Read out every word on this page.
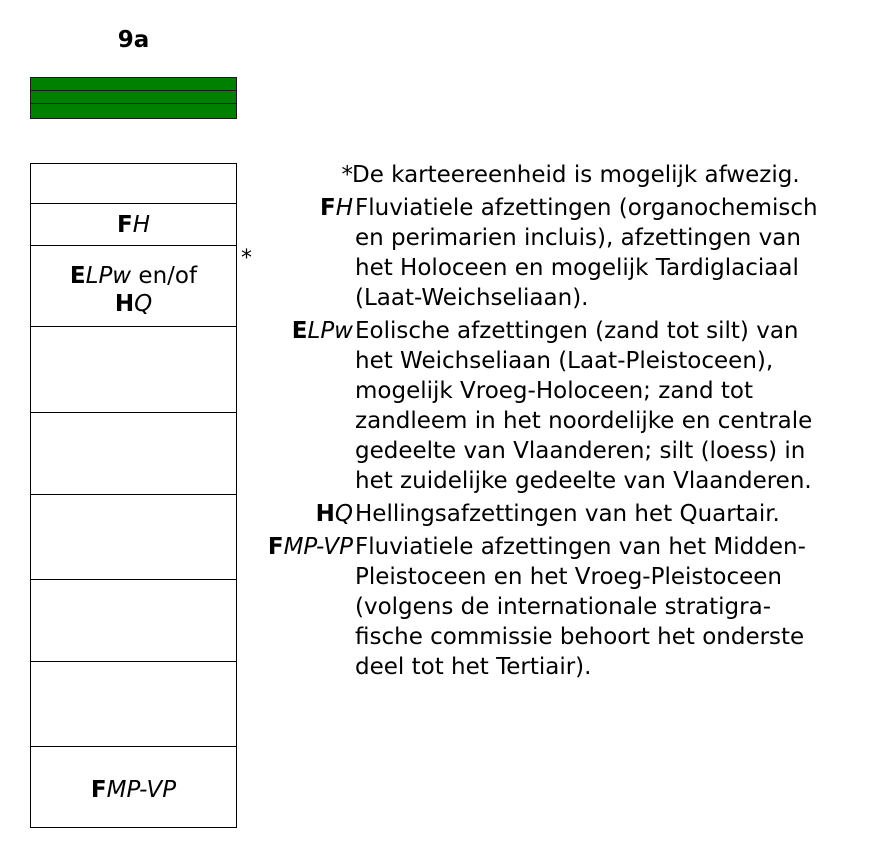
9a
FH
ELPw en/of
HQ
FMP-VP
*
* De karteereenheid is mogelijk afwezig.
FH Fluviatiele afzettingen (organochemisch
en perimarien incluis), afzettingen van
het Holoceen en mogelijk Tardiglaciaal
(Laat-Weichseliaan).
ELPw Eolische afzettingen (zand tot silt) van
het Weichseliaan (Laat-Pleistoceen),
mogelijk Vroeg-Holoceen; zand tot
zandleem in het noordelijke en centrale
gedeelte van Vlaanderen; silt (loess) in
het zuidelijke gedeelte van Vlaanderen.
HQ Hellingsafzettingen van het Quartair.
FMP-VP Fluviatiele afzettingen van het Midden-
Pleistoceen en het Vroeg-Pleistoceen
(volgens de internationale stratigra-
fische commissie behoort het onderste
deel tot het Tertiair).
